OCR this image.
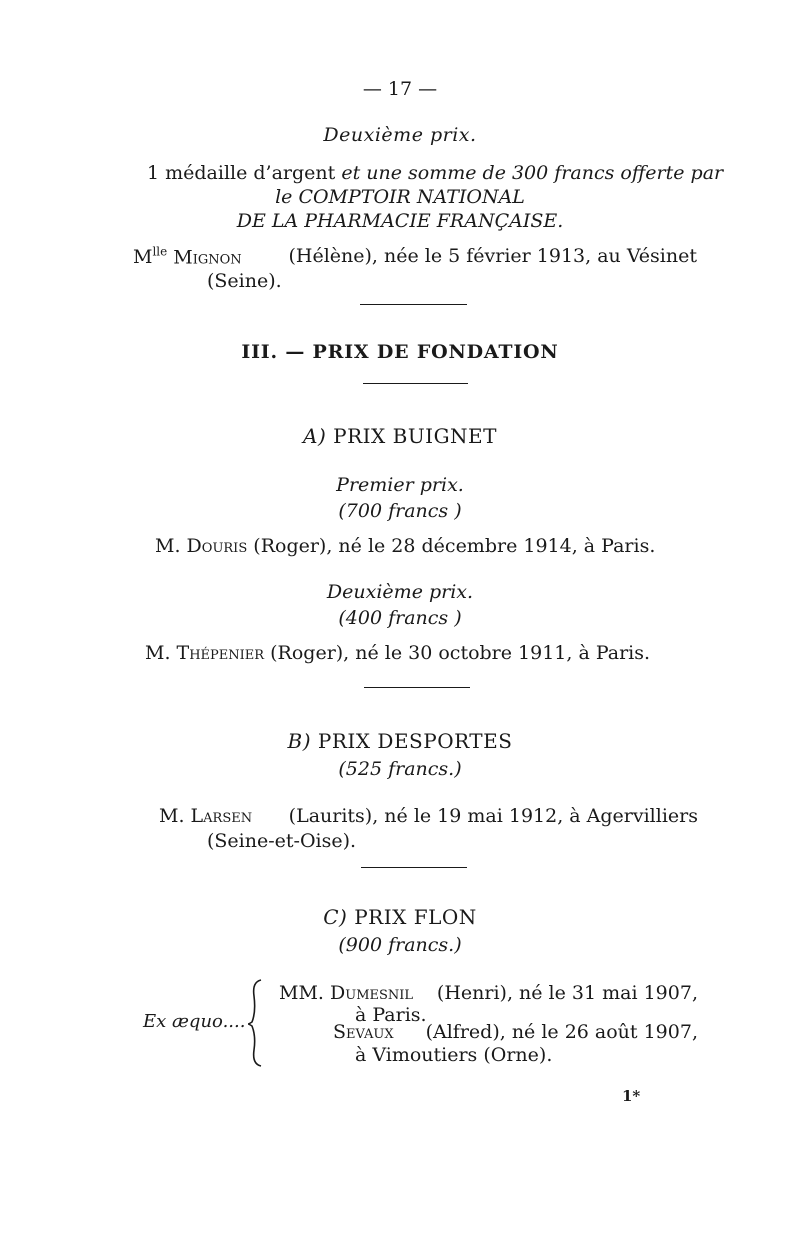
— 17 —
Deuxième prix.
1 médaille d’argent et une somme de 300 francs offerte par
le COMPTOIR NATIONAL
DE LA PHARMACIE FRANÇAISE.
$M^{lle}$ Mignon (Hélène), née le 5 février 1913, au Vésinet
(Seine).
III. — PRIX DE FONDATION
A) PRIX BUIGNET
Premier prix.
(700 francs )
M. Douris (Roger), né le 28 décembre 1914, à Paris.
Deuxième prix.
(400 francs )
M. Thépenier (Roger), né le 30 octobre 1911, à Paris.
B) PRIX DESPORTES
(525 francs.)
M. Larsen (Laurits), né le 19 mai 1912, à Agervilliers
(Seine-et-Oise).
C) PRIX FLON
(900 francs.)
Ex æquo....
MM. Dumesnil (Henri), né le 31 mai 1907,
à Paris.
Sevaux (Alfred), né le 26 août 1907,
à Vimoutiers (Orne).
1*
